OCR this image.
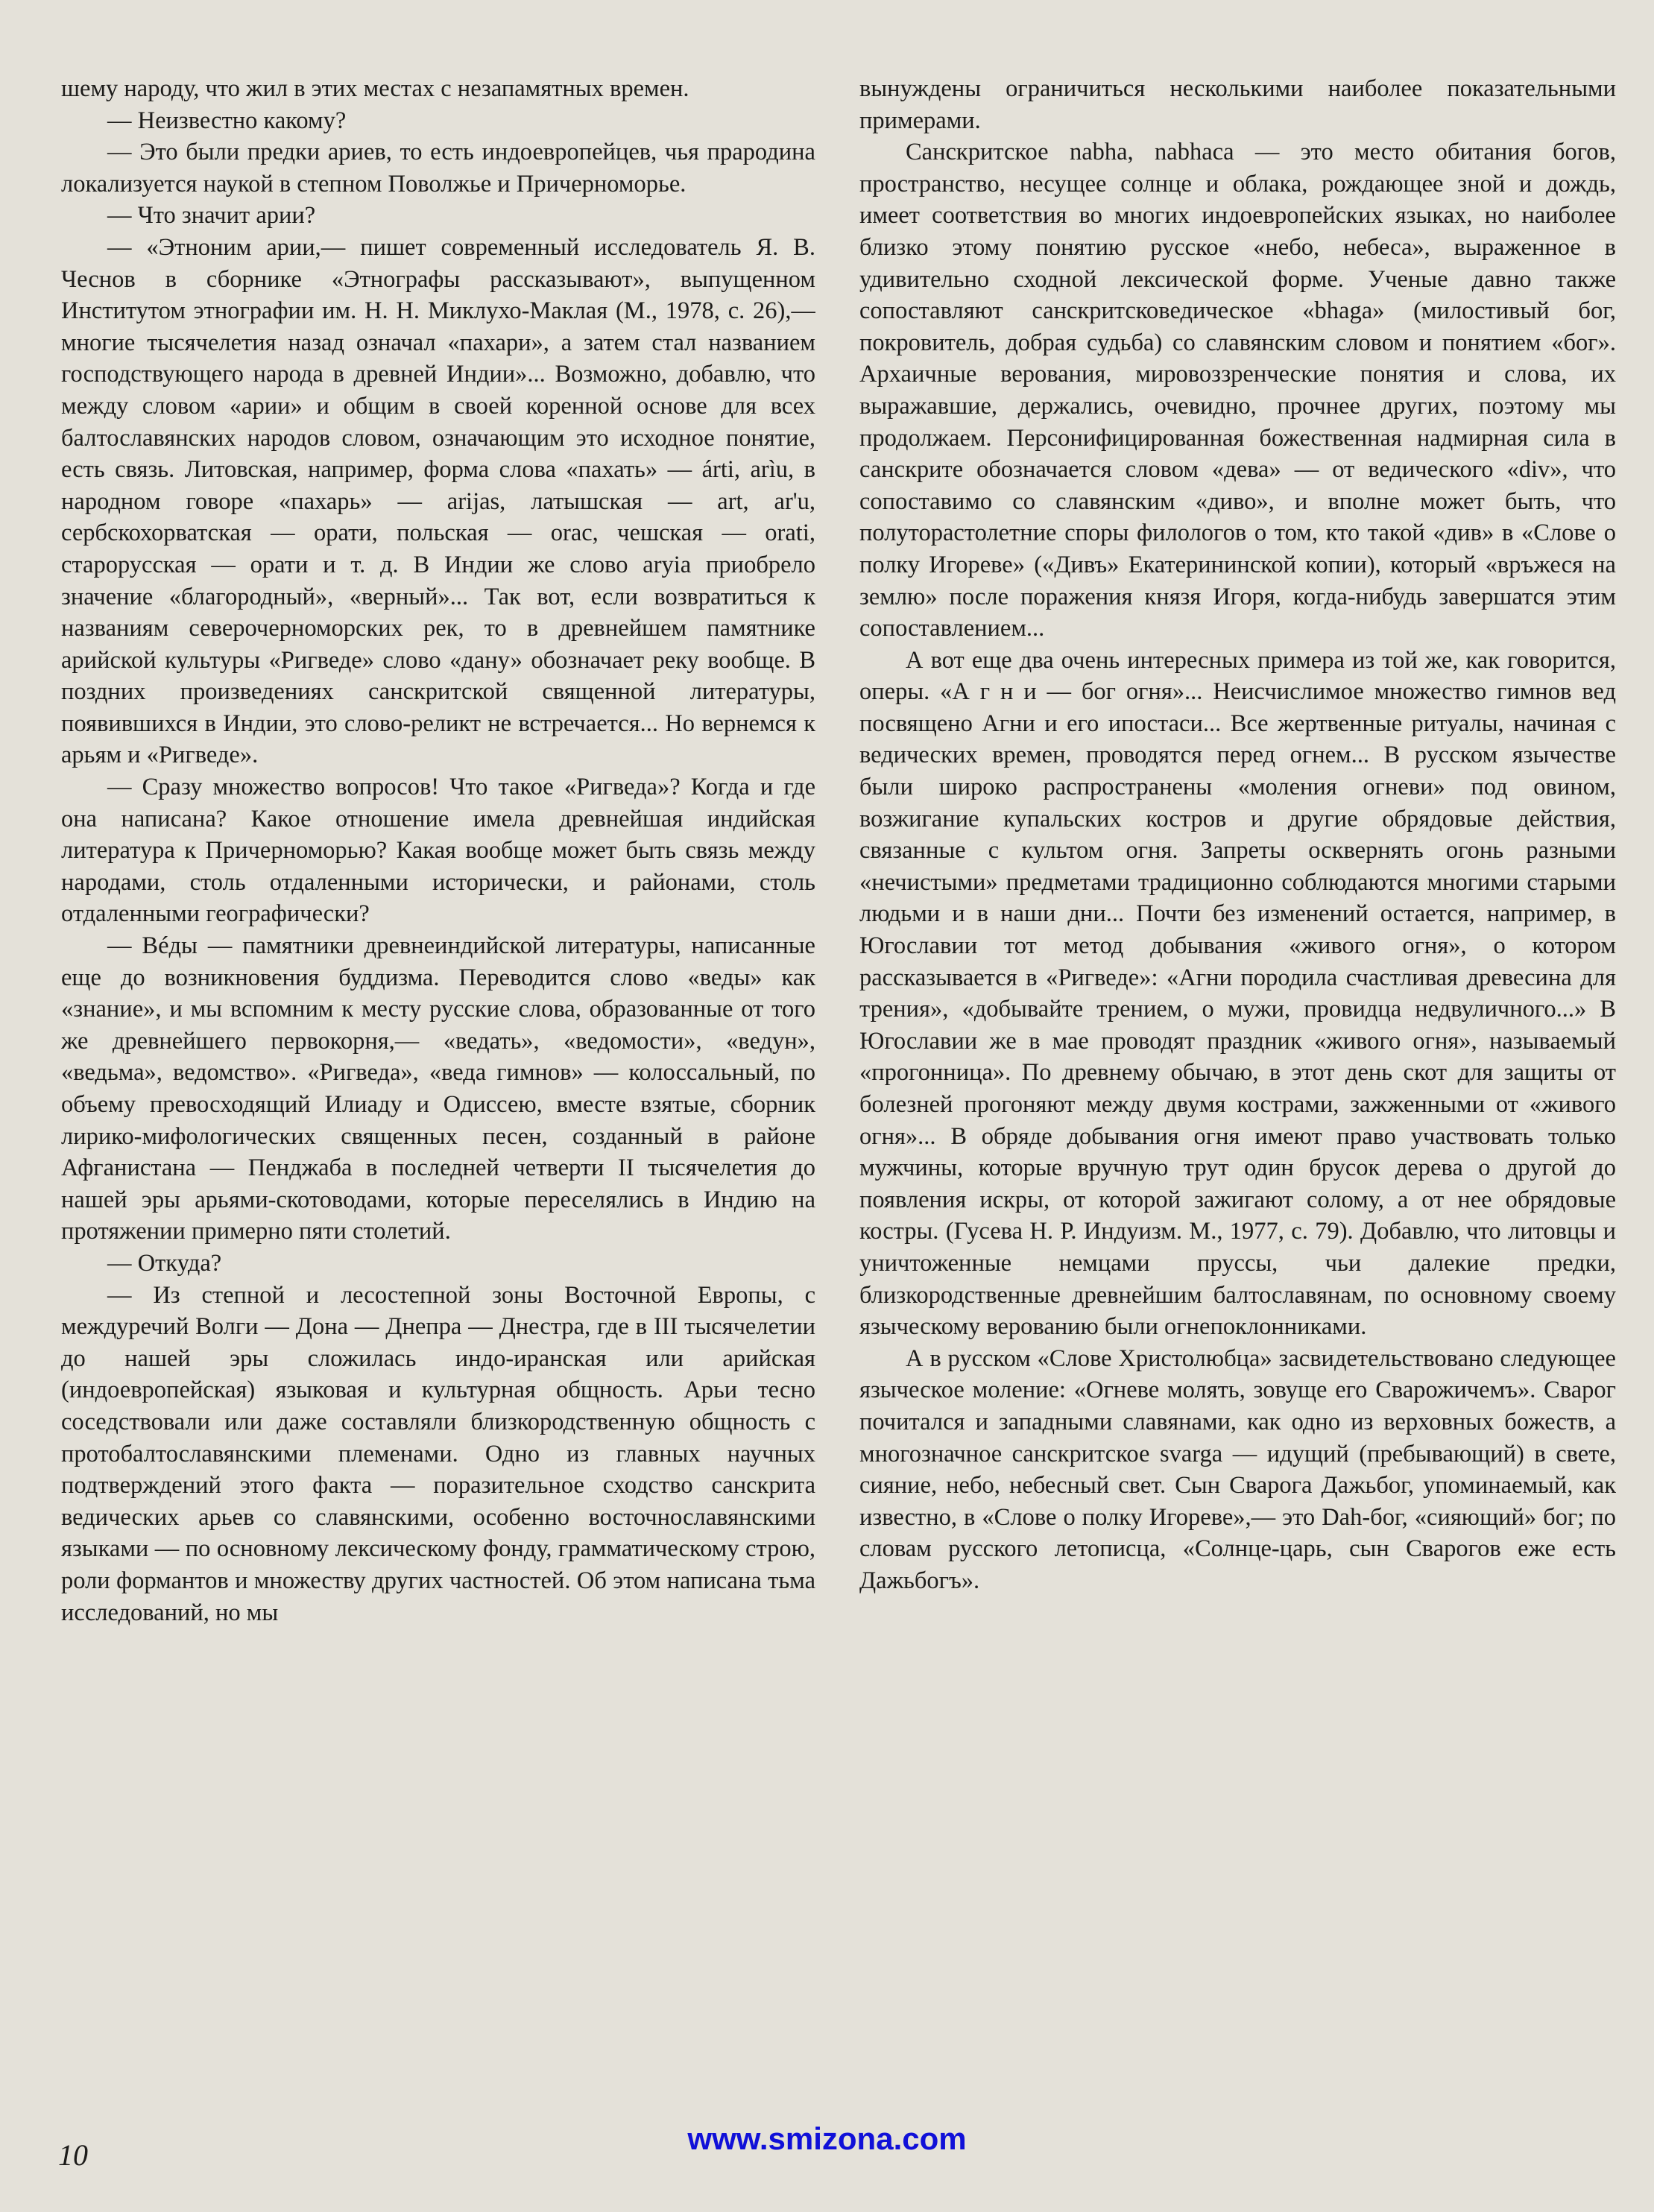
шему народу, что жил в этих местах с незапамятных времен.

— Неизвестно какому?

— Это были предки ариев, то есть индоевропейцев, чья прародина локализуется наукой в степном Поволжье и Причерноморье.

— Что значит арии?

— «Этноним арии,— пишет современный исследователь Я. В. Чеснов в сборнике «Этнографы рассказывают», выпущенном Институтом этнографии им. Н. Н. Миклухо-Маклая (М., 1978, с. 26),— многие тысячелетия назад означал «пахари», а затем стал названием господствующего народа в древней Индии»... Возможно, добавлю, что между словом «арии» и общим в своей коренной основе для всех балтославянских народов словом, означающим это исходное понятие, есть связь. Литовская, например, форма слова «пахать» — árti, arìu, в народном говоре «пахарь» — arijas, латышская — art, ar'u, сербскохорватская — орати, польская — orac, чешская — orati, старорусская — орати и т. д. В Индии же слово aryia приобрело значение «благородный», «верный»... Так вот, если возвратиться к названиям северочерноморских рек, то в древнейшем памятнике арийской культуры «Ригведе» слово «дану» обозначает реку вообще. В поздних произведениях санскритской священной литературы, появившихся в Индии, это слово-реликт не встречается... Но вернемся к арьям и «Ригведе».

— Сразу множество вопросов! Что такое «Ригведа»? Когда и где она написана? Какое отношение имела древнейшая индийская литература к Причерноморью? Какая вообще может быть связь между народами, столь отдаленными исторически, и районами, столь отдаленными географически?

— Вéды — памятники древнеиндийской литературы, написанные еще до возникновения буддизма. Переводится слово «веды» как «знание», и мы вспомним к месту русские слова, образованные от того же древнейшего первокорня,— «ведать», «ведомости», «ведун», «ведьма», ведомство». «Ригведа», «веда гимнов» — колоссальный, по объему превосходящий Илиаду и Одиссею, вместе взятые, сборник лирико-мифологических священных песен, созданный в районе Афганистана — Пенджаба в последней четверти II тысячелетия до нашей эры арьями-скотоводами, которые переселялись в Индию на протяжении примерно пяти столетий.

— Откуда?

— Из степной и лесостепной зоны Восточной Европы, с междуречий Волги — Дона — Днепра — Днестра, где в III тысячелетии до нашей эры сложилась индо-иранская или арийская (индоевропейская) языковая и культурная общность. Арьи тесно соседствовали или даже составляли близкородственную общность с протобалтославянскими племенами. Одно из главных научных подтверждений этого факта — поразительное сходство санскрита ведических арьев со славянскими, особенно восточнославянскими языками — по основному лексическому фонду, грамматическому строю, роли формантов и множеству других частностей. Об этом написана тьма исследований, но мы

вынуждены ограничиться несколькими наиболее показательными примерами.

Санскритское nabha, nabhaca — это место обитания богов, пространство, несущее солнце и облака, рождающее зной и дождь, имеет соответствия во многих индоевропейских языках, но наиболее близко этому понятию русское «небо, небеса», выраженное в удивительно сходной лексической форме. Ученые давно также сопоставляют санскритсковедическое «bhaga» (милостивый бог, покровитель, добрая судьба) со славянским словом и понятием «бог». Архаичные верования, мировоззренческие понятия и слова, их выражавшие, держались, очевидно, прочнее других, поэтому мы продолжаем. Персонифицированная божественная надмирная сила в санскрите обозначается словом «дева» — от ведического «div», что сопоставимо со славянским «диво», и вполне может быть, что полуторастолетние споры филологов о том, кто такой «див» в «Слове о полку Игореве» («Дивъ» Екатерининской копии), который «връжеся на землю» после поражения князя Игоря, когда-нибудь завершатся этим сопоставлением...

А вот еще два очень интересных примера из той же, как говорится, оперы. «А г н и — бог огня»... Неисчислимое множество гимнов вед посвящено Агни и его ипостаси... Все жертвенные ритуалы, начиная с ведических времен, проводятся перед огнем... В русском язычестве были широко распространены «моления огневи» под овином, возжигание купальских костров и другие обрядовые действия, связанные с культом огня. Запреты осквернять огонь разными «нечистыми» предметами традиционно соблюдаются многими старыми людьми и в наши дни... Почти без изменений остается, например, в Югославии тот метод добывания «живого огня», о котором рассказывается в «Ригведе»: «Агни породила счастливая древесина для трения», «добывайте трением, о мужи, провидца недвуличного...» В Югославии же в мае проводят праздник «живого огня», называемый «прогонница». По древнему обычаю, в этот день скот для защиты от болезней прогоняют между двумя кострами, зажженными от «живого огня»... В обряде добывания огня имеют право участвовать только мужчины, которые вручную трут один брусок дерева о другой до появления искры, от которой зажигают солому, а от нее обрядовые костры. (Гусева Н. Р. Индуизм. М., 1977, с. 79). Добавлю, что литовцы и уничтоженные немцами пруссы, чьи далекие предки, близкородственные древнейшим балтославянам, по основному своему языческому верованию были огнепоклонниками.

А в русском «Слове Христолюбца» засвидетельствовано следующее языческое моление: «Огневе молять, зовуще его Сварожичемъ». Сварог почитался и западными славянами, как одно из верховных божеств, а многозначное санскритское svarga — идущий (пребывающий) в свете, сияние, небо, небесный свет. Сын Сварога Дажьбог, упоминаемый, как известно, в «Слове о полку Игореве»,— это Dah-бог, «сияющий» бог; по словам русского летописца, «Солнце-царь, сын Сварогов еже есть Дажьбогъ».

10	www.smizona.com
